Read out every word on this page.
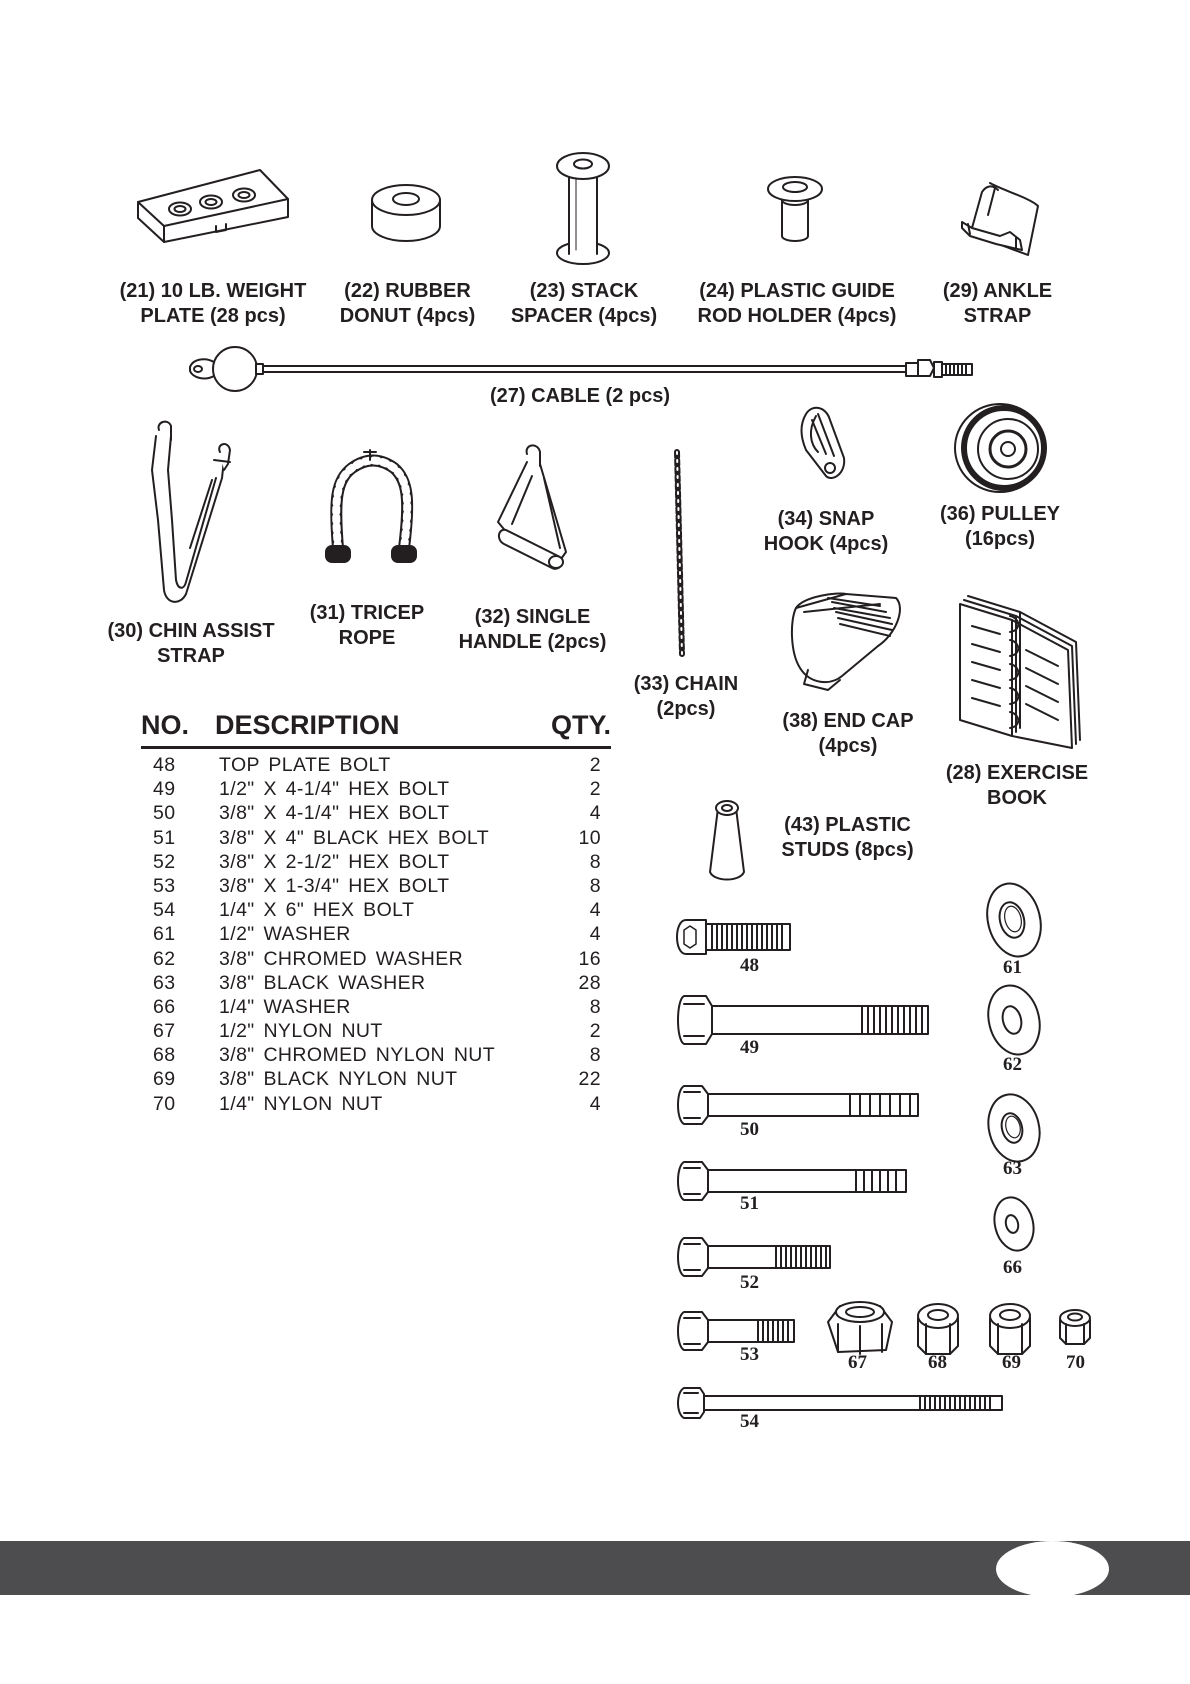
(21) 10 LB. WEIGHT
PLATE (28 pcs)
(22) RUBBER
DONUT (4pcs)
(23) STACK
SPACER (4pcs)
(24) PLASTIC GUIDE
ROD HOLDER (4pcs)
(29) ANKLE
STRAP
(27) CABLE (2 pcs)
(34) SNAP
HOOK (4pcs)
(36) PULLEY
(16pcs)
(30) CHIN ASSIST
STRAP
(31) TRICEP
ROPE
(32) SINGLE
HANDLE (2pcs)
(33) CHAIN
(2pcs)
(38) END CAP
(4pcs)
(28) EXERCISE
BOOK
(43) PLASTIC
STUDS (8pcs)
NO. DESCRIPTION	QTY.
48 TOP PLATE BOLT	2
49 1/2" X 4-1/4" HEX BOLT	2
50 3/8" X 4-1/4" HEX BOLT	4
51 3/8" X 4" BLACK HEX BOLT	10
52 3/8" X 2-1/2" HEX BOLT	8
53 3/8" X 1-3/4" HEX BOLT	8
54 1/4" X 6" HEX BOLT	4
61 1/2" WASHER	4
62 3/8" CHROMED WASHER	16
63 3/8" BLACK WASHER	28
66 1/4" WASHER	8
67 1/2" NYLON NUT	2
68 3/8" CHROMED NYLON NUT	8
69 3/8" BLACK NYLON NUT	22
70 1/4" NYLON NUT	4
48
49
50
51
52
53
54
61
62
63
66
67	68	69 70
